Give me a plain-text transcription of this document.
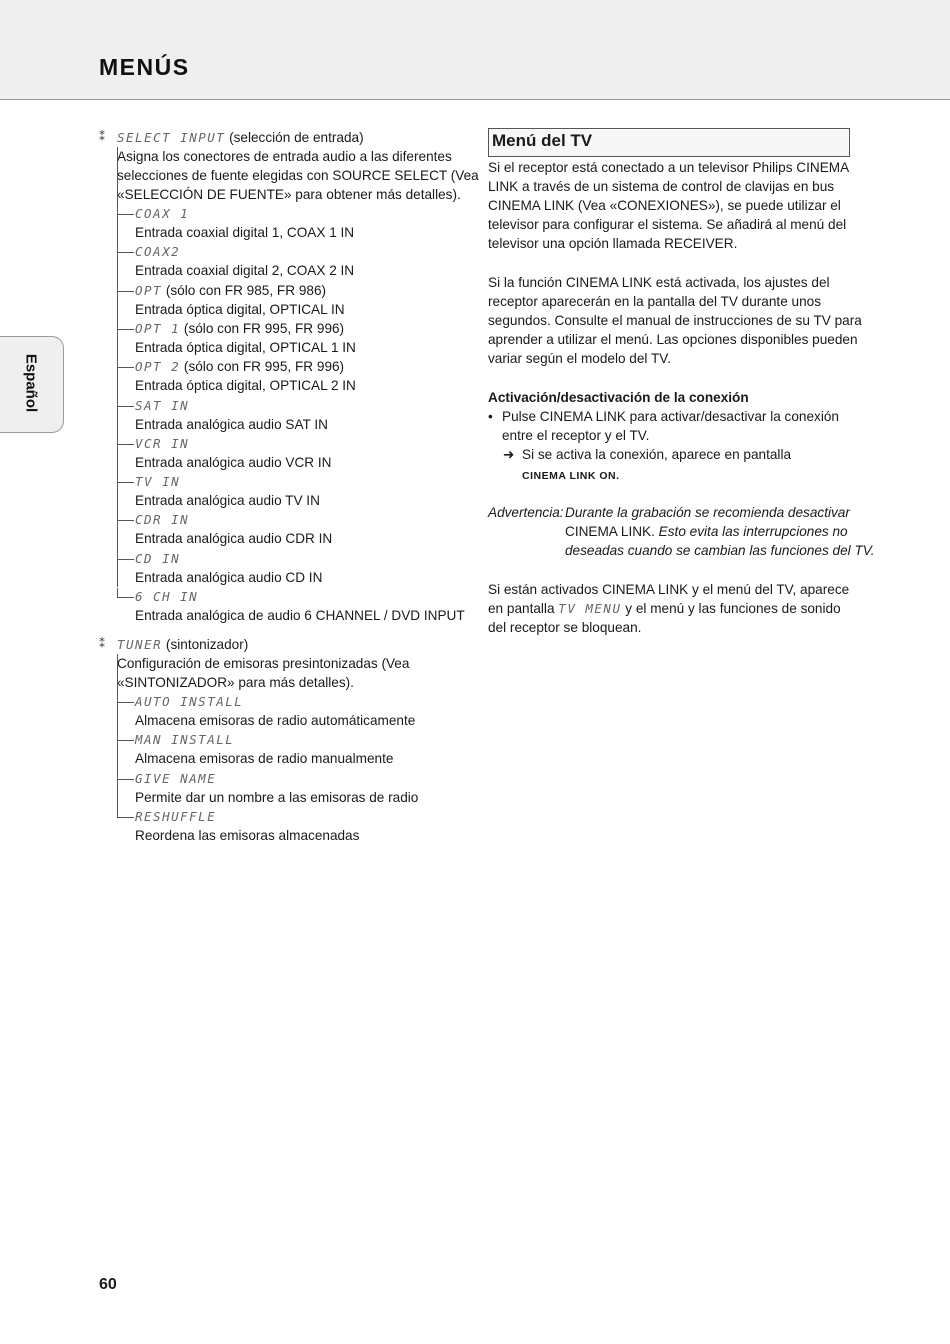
MENÚS
Español
⁑ SELECT INPUT (selección de entrada)
Asigna los conectores de entrada audio a las diferentes
selecciones de fuente elegidas con SOURCE SELECT (Vea
«SELECCIÓN DE FUENTE» para obtener más detalles).
COAX 1
Entrada coaxial digital 1, COAX 1 IN
COAX2
Entrada coaxial digital 2, COAX 2 IN
OPT (sólo con FR 985, FR 986)
Entrada óptica digital, OPTICAL IN
OPT 1 (sólo con FR 995, FR 996)
Entrada óptica digital, OPTICAL 1 IN
OPT 2 (sólo con FR 995, FR 996)
Entrada óptica digital, OPTICAL 2 IN
SAT IN
Entrada analógica audio SAT IN
VCR IN
Entrada analógica audio VCR IN
TV IN
Entrada analógica audio TV IN
CDR IN
Entrada analógica audio CDR IN
CD IN
Entrada analógica audio CD IN
6 CH IN
Entrada analógica de audio 6 CHANNEL / DVD INPUT
⁑ TUNER (sintonizador)
Configuración de emisoras presintonizadas (Vea
«SINTONIZADOR» para más detalles).
AUTO INSTALL
Almacena emisoras de radio automáticamente
MAN INSTALL
Almacena emisoras de radio manualmente
GIVE NAME
Permite dar un nombre a las emisoras de radio
RESHUFFLE
Reordena las emisoras almacenadas
Menú del TV
Si el receptor está conectado a un televisor Philips CINEMA
LINK a través de un sistema de control de clavijas en bus
CINEMA LINK (Vea «CONEXIONES»), se puede utilizar el
televisor para configurar el sistema. Se añadirá al menú del
televisor una opción llamada RECEIVER.
Si la función CINEMA LINK está activada, los ajustes del
receptor aparecerán en la pantalla del TV durante unos
segundos. Consulte el manual de instrucciones de su TV para
aprender a utilizar el menú. Las opciones disponibles pueden
variar según el modelo del TV.
Activación/desactivación de la conexión
• Pulse CINEMA LINK para activar/desactivar la conexión
entre el receptor y el TV.
➜ Si se activa la conexión, aparece en pantalla
CINEMA LINK ON.
Advertencia: Durante la grabación se recomienda desactivar
CINEMA LINK. Esto evita las interrupciones no
deseadas cuando se cambian las funciones del TV.
Si están activados CINEMA LINK y el menú del TV, aparece
en pantalla TV MENU y el menú y las funciones de sonido
del receptor se bloquean.
60
